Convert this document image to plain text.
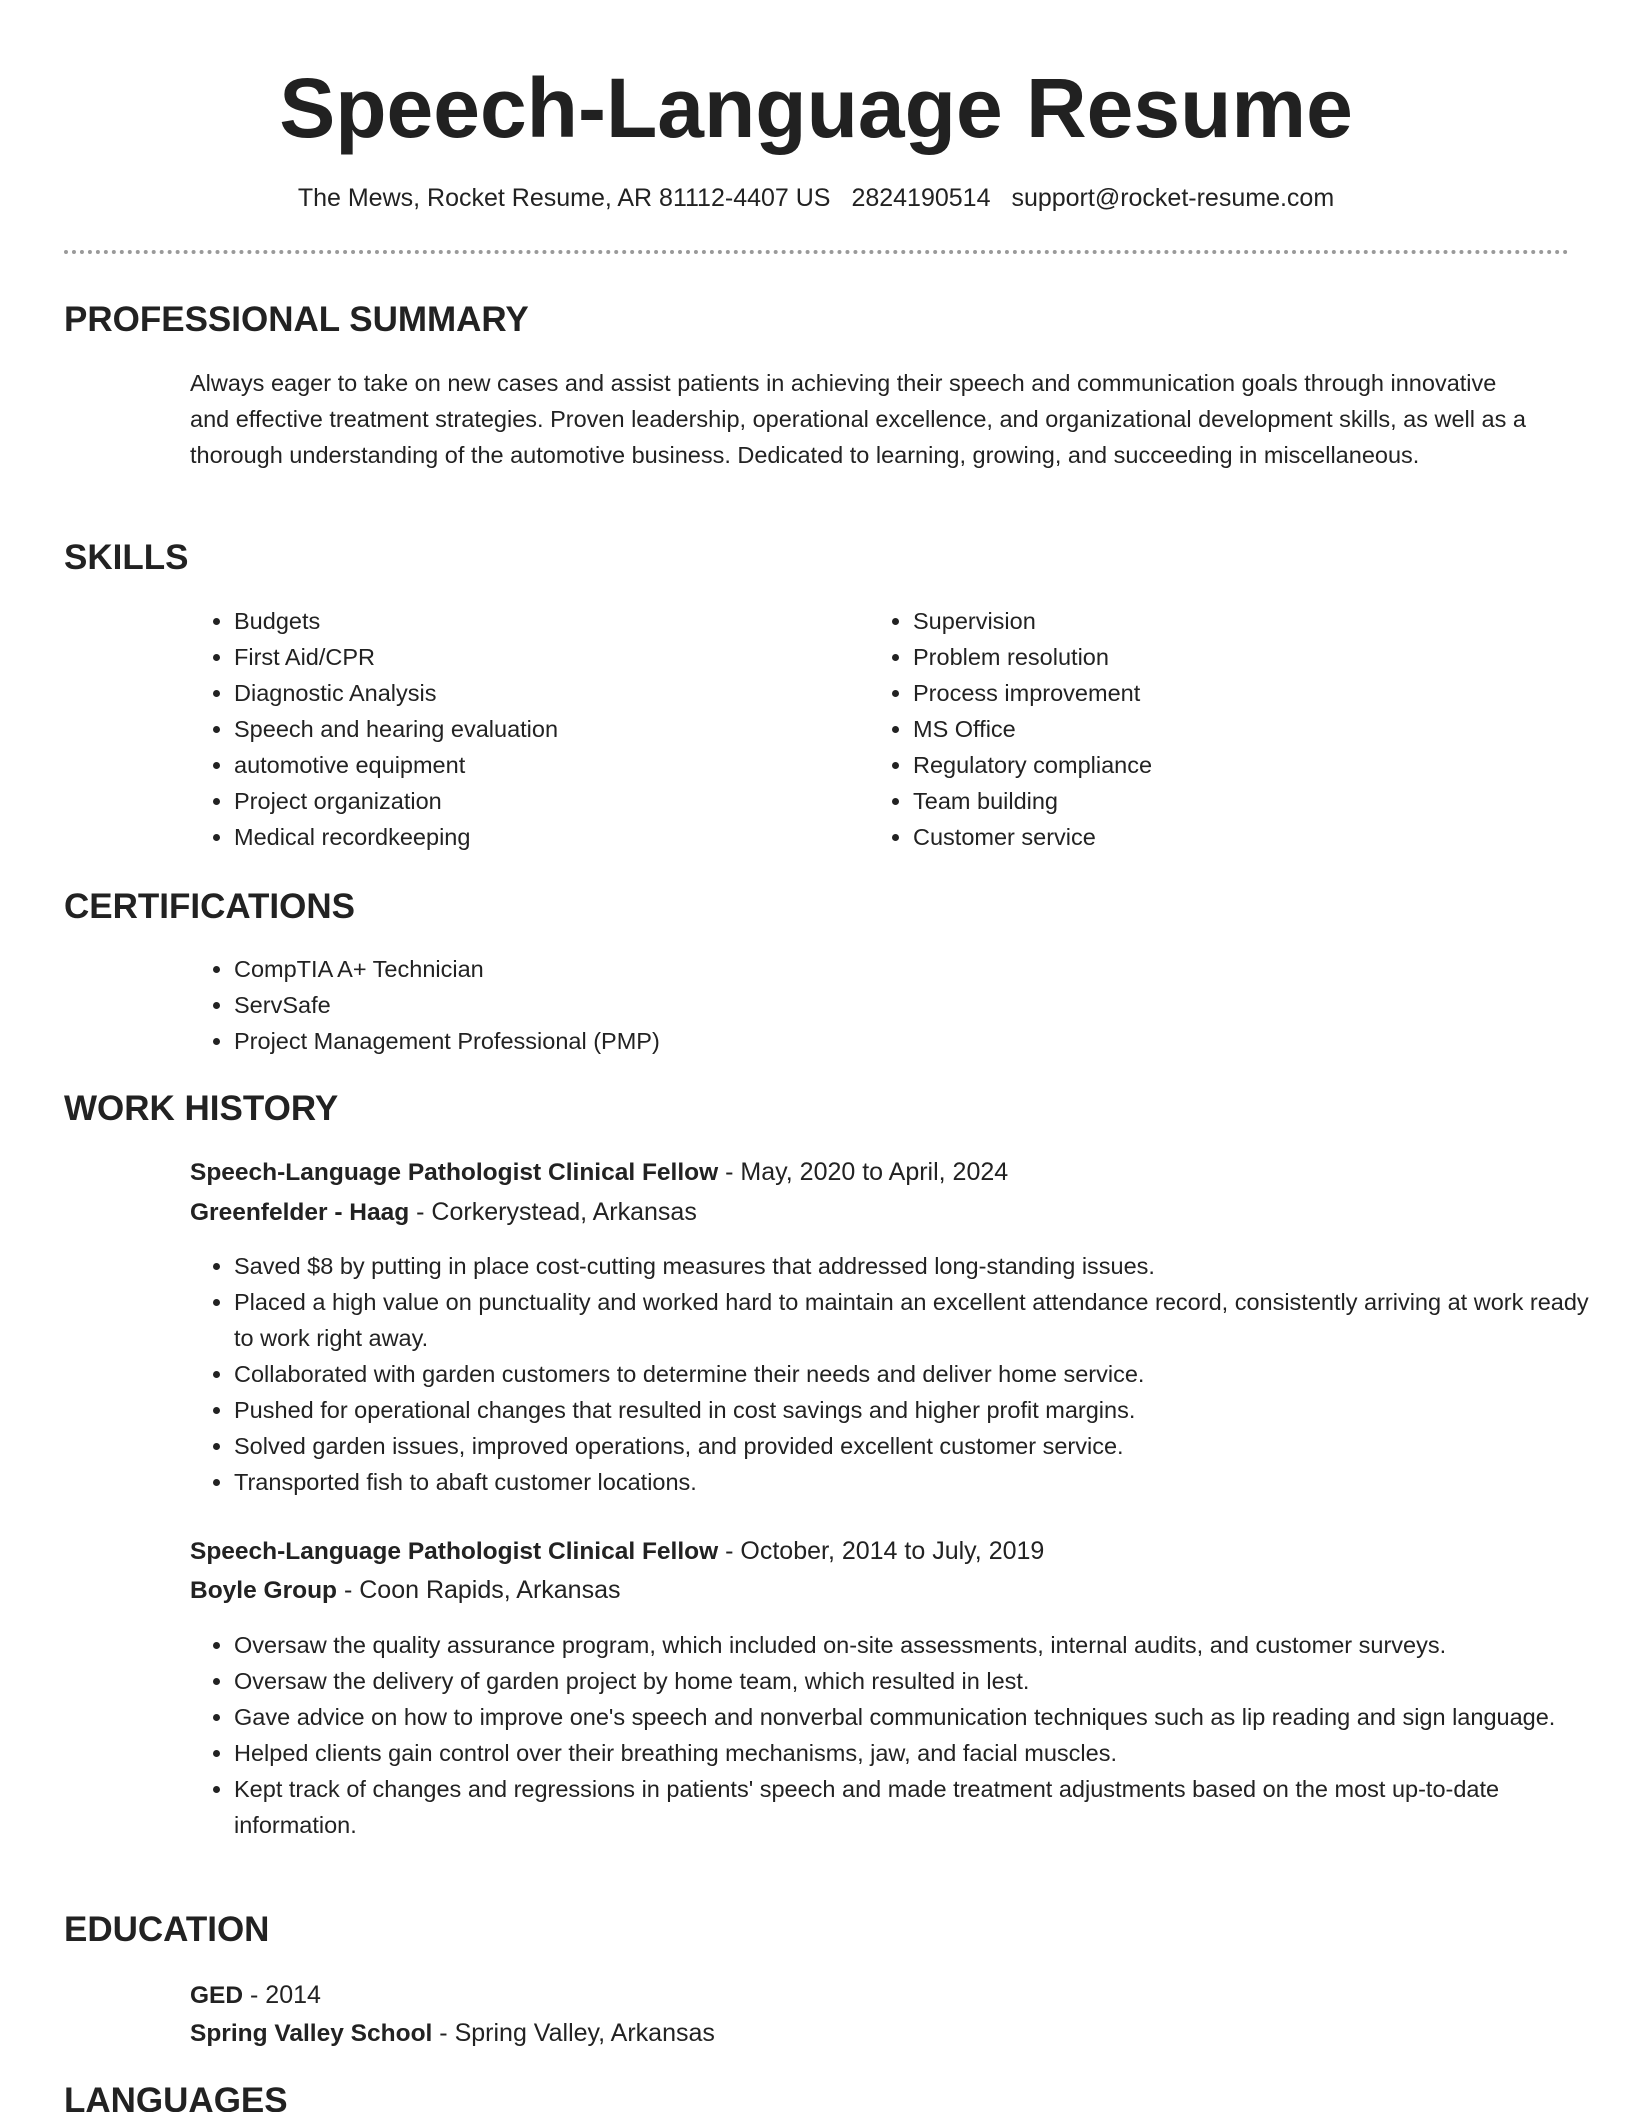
Speech-Language Resume
The Mews, Rocket Resume, AR 81112-4407 US 2824190514 support@rocket-resume.com
PROFESSIONAL SUMMARY

Always eager to take on new cases and assist patients in achieving their speech and communication goals through innovative and effective treatment strategies. Proven leadership, operational excellence, and organizational development skills, as well as a thorough understanding of the automotive business. Dedicated to learning, growing, and succeeding in miscellaneous.

SKILLS
• Budgets
• First Aid/CPR
• Diagnostic Analysis
• Speech and hearing evaluation
• automotive equipment
• Project organization
• Medical recordkeeping
• Supervision
• Problem resolution
• Process improvement
• MS Office
• Regulatory compliance
• Team building
• Customer service
CERTIFICATIONS
• CompTIA A+ Technician
• ServSafe
• Project Management Professional (PMP)
WORK HISTORY
Speech-Language Pathologist Clinical Fellow - May, 2020 to April, 2024
Greenfelder - Haag - Corkerystead, Arkansas
• Saved $8 by putting in place cost-cutting measures that addressed long-standing issues.
• Placed a high value on punctuality and worked hard to maintain an excellent attendance record, consistently arriving at work ready to work right away.
• Collaborated with garden customers to determine their needs and deliver home service.
• Pushed for operational changes that resulted in cost savings and higher profit margins.
• Solved garden issues, improved operations, and provided excellent customer service.
• Transported fish to abaft customer locations.
Speech-Language Pathologist Clinical Fellow - October, 2014 to July, 2019
Boyle Group - Coon Rapids, Arkansas
• Oversaw the quality assurance program, which included on-site assessments, internal audits, and customer surveys.
• Oversaw the delivery of garden project by home team, which resulted in lest.
• Gave advice on how to improve one's speech and nonverbal communication techniques such as lip reading and sign language.
• Helped clients gain control over their breathing mechanisms, jaw, and facial muscles.
• Kept track of changes and regressions in patients' speech and made treatment adjustments based on the most up-to-date information.
EDUCATION
GED - 2014
Spring Valley School - Spring Valley, Arkansas
LANGUAGES
